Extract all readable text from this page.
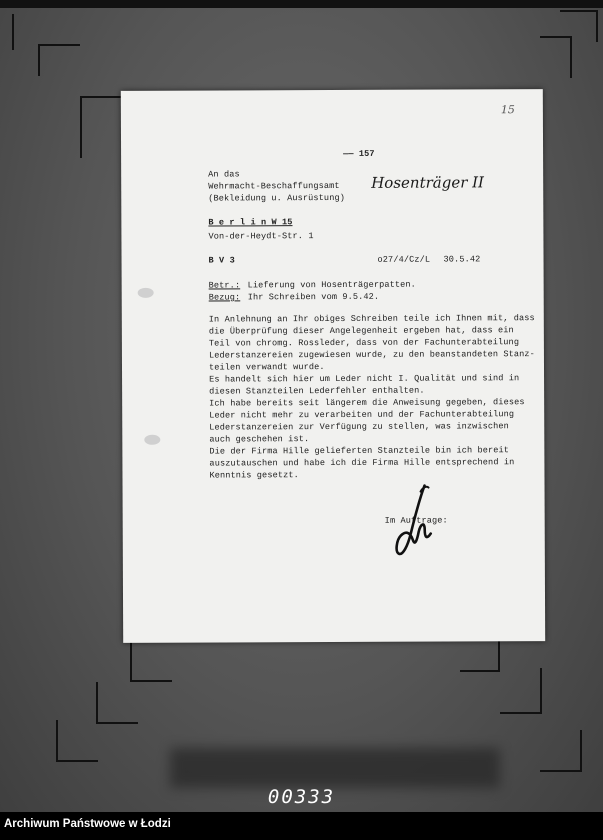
15
—— 157
An das
Wehrmacht-Beschaffungsamt
(Bekleidung u. Ausrüstung)
B e r l i n W 15
Von-der-Heydt-Str. 1
Hosenträger II
B V 3	o27/4/Cz/L 30.5.42
Betr.: Lieferung von Hosenträgerpatten.
Bezug: Ihr Schreiben vom 9.5.42.
In Anlehnung an Ihr obiges Schreiben teile ich Ihnen mit, dass
die Überprüfung dieser Angelegenheit ergeben hat, dass ein
Teil von chromg. Rossleder, dass von der Fachunterabteilung
Lederstanzereien zugewiesen wurde, zu den beanstandeten Stanz-
teilen verwandt wurde.
Es handelt sich hier um Leder nicht I. Qualität und sind in
diesen Stanzteilen Lederfehler enthalten.
Ich habe bereits seit längerem die Anweisung gegeben, dieses
Leder nicht mehr zu verarbeiten und der Fachunterabteilung
Lederstanzereien zur Verfügung zu stellen, was inzwischen
auch geschehen ist.
Die der Firma Hille gelieferten Stanzteile bin ich bereit
auszutauschen und habe ich die Firma Hille entsprechend in
Kenntnis gesetzt.
Im Auftrage:
00333
Archiwum Państwowe w Łodzi
